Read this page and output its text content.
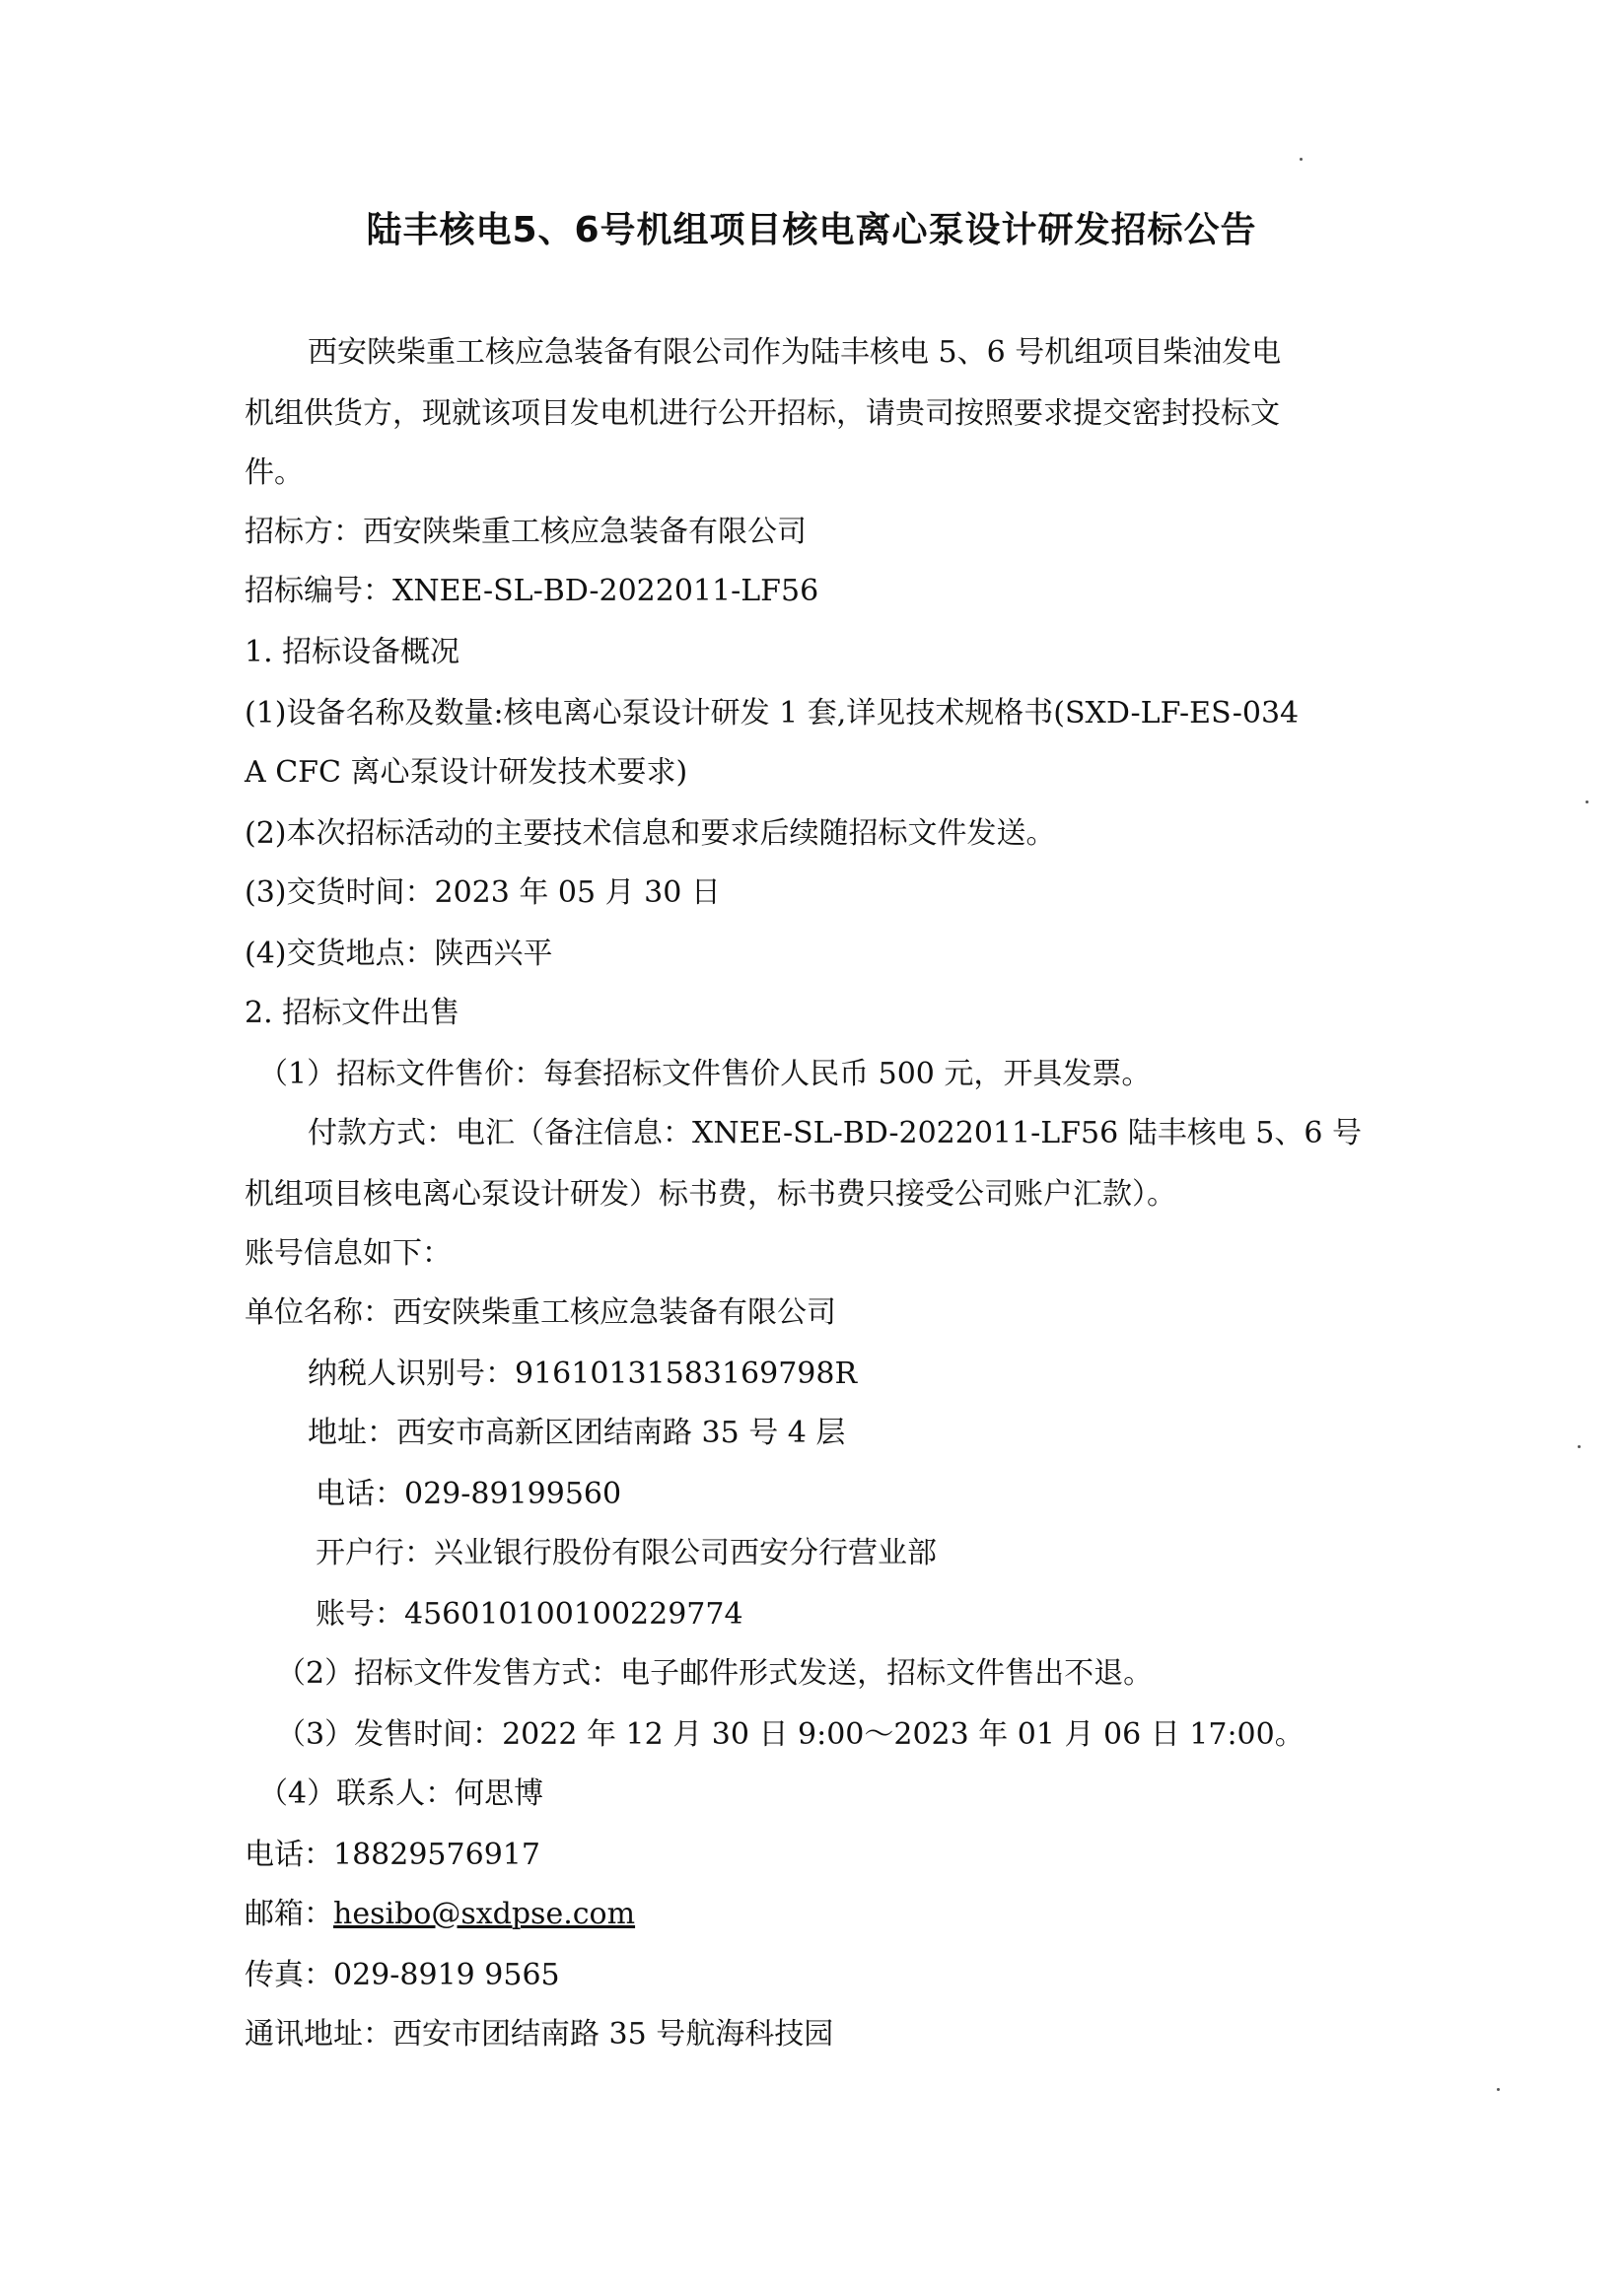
陆丰核电5、6号机组项目核电离心泵设计研发招标公告
西安陕柴重工核应急装备有限公司作为陆丰核电 5、6 号机组项目柴油发电
机组供货方，现就该项目发电机进行公开招标，请贵司按照要求提交密封投标文
件。
招标方：西安陕柴重工核应急装备有限公司
招标编号：XNEE-SL-BD-2022011-LF56
1. 招标设备概况
(1)设备名称及数量:核电离心泵设计研发 1 套,详见技术规格书(SXD-LF-ES-034
A CFC 离心泵设计研发技术要求)
(2)本次招标活动的主要技术信息和要求后续随招标文件发送。
(3)交货时间：2023 年 05 月 30 日
(4)交货地点：陕西兴平
2. 招标文件出售
（1）招标文件售价：每套招标文件售价人民币 500 元，开具发票。
付款方式：电汇（备注信息：XNEE-SL-BD-2022011-LF56 陆丰核电 5、6 号
机组项目核电离心泵设计研发）标书费，标书费只接受公司账户汇款）。
账号信息如下：
单位名称：西安陕柴重工核应急装备有限公司
纳税人识别号：91610131583169798R
地址：西安市高新区团结南路 35 号 4 层
电话：029-89199560
开户行：兴业银行股份有限公司西安分行营业部
账号：456010100100229774
（2）招标文件发售方式：电子邮件形式发送，招标文件售出不退。
（3）发售时间：2022 年 12 月 30 日 9:00～2023 年 01 月 06 日 17:00。
（4）联系人：何思博
电话：18829576917
邮箱：hesibo@sxdpse.com
传真：029-8919 9565
通讯地址：西安市团结南路 35 号航海科技园
